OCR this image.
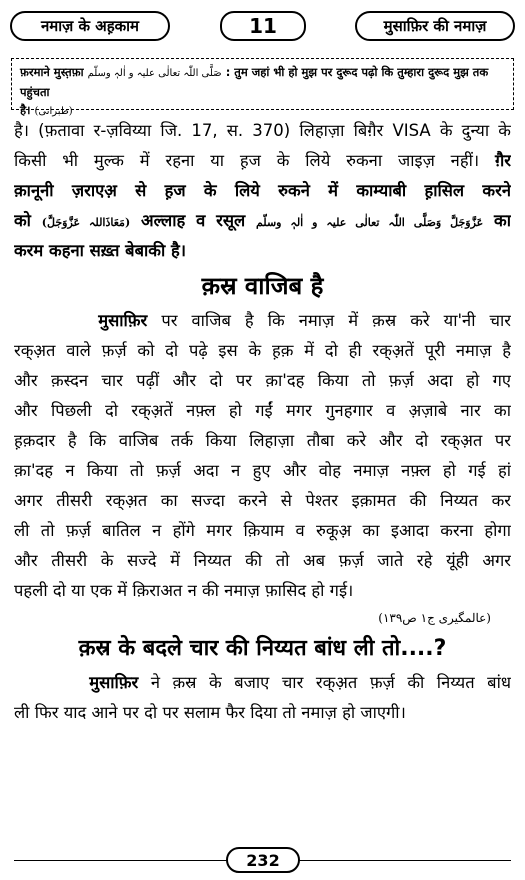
नमाज़ के अह़काम	11	मुसाफ़िर की नमाज़
फ़रमाने मुस्त़फ़ा صَلَّی اللّٰہ تعالٰی علیہ و اٰلہٖ وسلّم : तुम जहां भी हो मुझ पर दुरूद पढ़ो कि तुम्हारा दुरूद मुझ तक पहुंचता
है। (طبرانی)
है। (फ़तावा र-ज़विय्या जि. 17, स. 370) लिहाज़ा बिग़ैर VISA के दुन्या के
किसी भी मुल्क में रहना या ह़ज के लिये रुकना जाइज़ नहीं। ग़ैर
क़ानूनी ज़राएअ़ से ह़ज के लिये रुकने में काम्याबी ह़ासिल करने
को (مَعَاذَاللہ عَزَّوَجَلَّ) अल्लाह व रसूल عَزَّوَجَلَّ وَصَلَّی اللّٰہ تعالٰی علیہ و اٰلہٖ وسلّم का
करम कहना सख़्त बेबाकी है।
क़स्र वाजिब है
मुसाफ़िर पर वाजिब है कि नमाज़ में क़स्र करे या'नी चार
रक्अ़त वाले फ़र्ज़ को दो पढ़े इस के ह़क़ में दो ही रक्अ़तें पूरी नमाज़ है
और क़स्दन चार पढ़ीं और दो पर क़ा'दह किया तो फ़र्ज़ अदा हो गए
और पिछली दो रक्अ़तें नफ़्ल हो गईं मगर गुनहगार व अ़ज़ाबे नार का
ह़क़दार है कि वाजिब तर्क किया लिहाज़ा तौबा करे और दो रक्अ़त पर
क़ा'दह न किया तो फ़र्ज़ अदा न हुए और वोह नमाज़ नफ़्ल हो गई हां
अगर तीसरी रक्अ़त का सज्दा करने से पेश्तर इक़ामत की निय्यत कर
ली तो फ़र्ज़ बातिल न होंगे मगर क़ियाम व रुकूअ़ का इआदा करना होगा
और तीसरी के सज्दे में निय्यत की तो अब फ़र्ज़ जाते रहे यूंही अगर
पहली दो या एक में क़िराअत न की नमाज़ फ़ासिद हो गई।
(عالمگیری ج۱ ص۱۳۹)
क़स्र के बदले चार की निय्यत बांध ली तो....?
मुसाफ़िर ने क़स्र के बजाए चार रक्अ़त फ़र्ज़ की निय्यत बांध
ली फिर याद आने पर दो पर सलाम फैर दिया तो नमाज़ हो जाएगी।
232
